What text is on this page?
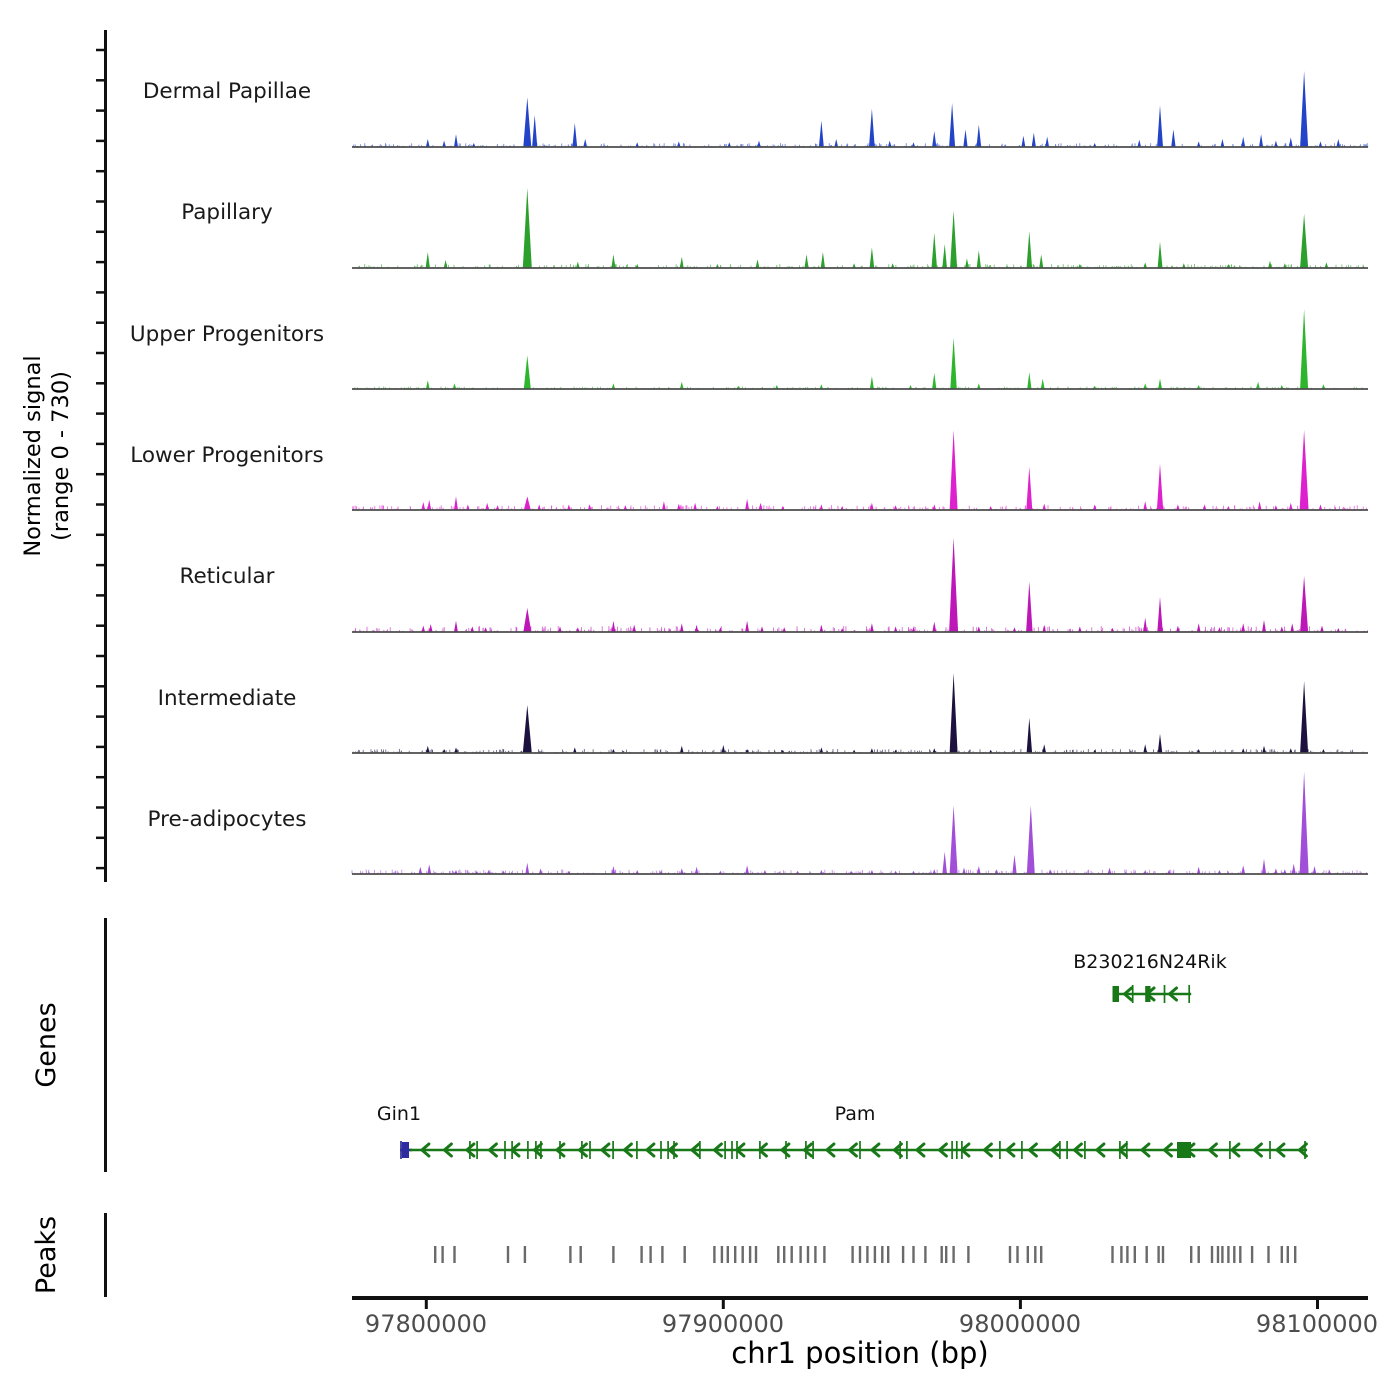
Normalized signal (range 0 - 730)
Genes
Peaks
Dermal Papillae
Papillary
Upper Progenitors
Lower Progenitors
Reticular
Intermediate
Pre-adipocytes
B230216N24Rik
Gin1	Pam
97800000	97900000	98000000	98100000
chr1 position (bp)
